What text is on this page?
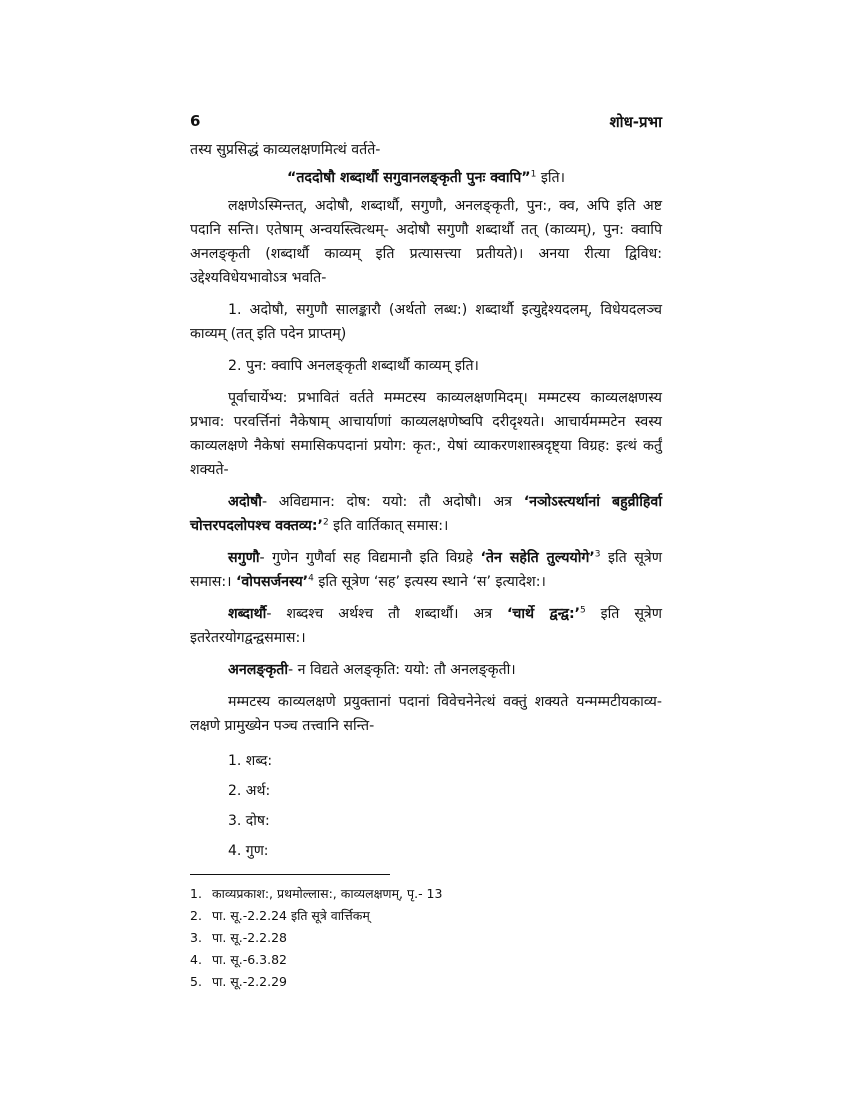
6	शोध-प्रभा

तस्य सुप्रसिद्धं काव्यलक्षणमित्थं वर्तते-

“तददोषौ शब्दार्थौ सगुवानलङ्कृती पुनः क्वापि”$^1$ इति।

लक्षणेऽस्मिन्तत्, अदोषौ, शब्दार्थौ, सगुणौ, अनलङ्कृती, पुन:, क्व, अपि इति अष्ट पदानि सन्ति। एतेषाम् अन्वयस्त्वित्थम्- अदोषौ सगुणौ शब्दार्थौ तत् (काव्यम्), पुन: क्वापि अनलङ्कृती (शब्दार्थौ काव्यम् इति प्रत्यासत्त्या प्रतीयते)। अनया रीत्या द्विविध: उद्देश्यविधेयभावोऽत्र भवति-

1. अदोषौ, सगुणौ सालङ्कारौ (अर्थतो लब्ध:) शब्दार्थौ इत्युद्देश्यदलम्, विधेयदलञ्च काव्यम् (तत् इति पदेन प्राप्तम्)

2. पुन: क्वापि अनलङ्कृती शब्दार्थौ काव्यम् इति।

पूर्वाचार्येभ्य: प्रभावितं वर्तते मम्मटस्य काव्यलक्षणमिदम्। मम्मटस्य काव्यलक्षणस्य प्रभाव: परवर्त्तिनां नैकेषाम् आचार्याणां काव्यलक्षणेष्वपि दरीदृश्यते। आचार्यमम्मटेन स्वस्य काव्यलक्षणे नैकेषां समासिकपदानां प्रयोग: कृत:, येषां व्याकरणशास्त्रदृष्ट्या विग्रह: इत्थं कर्तुं शक्यते-

अदोषौ- अविद्यमान: दोष: ययो: तौ अदोषौ। अत्र ‘नञोऽस्त्यर्थानां बहुव्रीहिर्वा चोत्तरपदलोपश्च वक्तव्य:’$^2$ इति वार्तिकात् समास:।

सगुणौ- गुणेन गुणैर्वा सह विद्यमानौ इति विग्रहे ‘तेन सहेति तुल्ययोगे’$^3$ इति सूत्रेण समास:। ‘वोपसर्जनस्य’$^4$ इति सूत्रेण ‘सह’ इत्यस्य स्थाने ‘स’ इत्यादेश:।

शब्दार्थौ- शब्दश्च अर्थश्च तौ शब्दार्थौ। अत्र ‘चार्थे द्वन्द्व:’$^5$ इति सूत्रेण इतरेतरयोगद्वन्द्वसमास:।

अनलङ्कृती- न विद्यते अलङ्कृति: ययो: तौ अनलङ्कृती।

मम्मटस्य काव्यलक्षणे प्रयुक्तानां पदानां विवेचनेनेत्थं वक्तुं शक्यते यन्मम्मटीयकाव्य-लक्षणे प्रामुख्येन पञ्च तत्त्वानि सन्ति-

1. शब्द:
2. अर्थ:
3. दोष:
4. गुण:
1. काव्यप्रकाश:, प्रथमोल्लास:, काव्यलक्षणम्, पृ.- 13
2. पा. सू.-2.2.24 इति सूत्रे वार्त्तिकम्
3. पा. सू.-2.2.28
4. पा. सू.-6.3.82
5. पा. सू.-2.2.29
